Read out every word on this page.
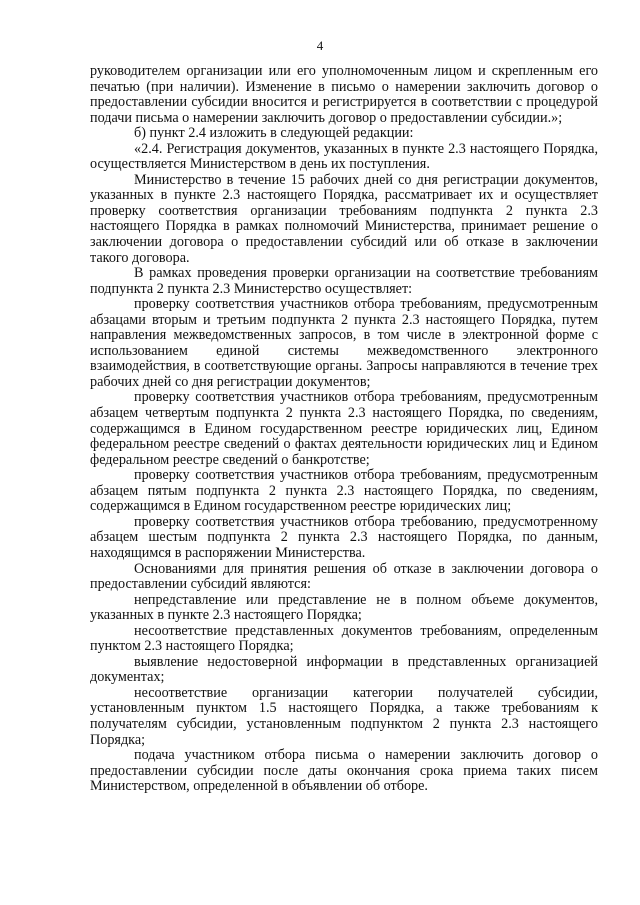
4

руководителем организации или его уполномоченным лицом и скрепленным его печатью (при наличии). Изменение в письмо о намерении заключить договор о предоставлении субсидии вносится и регистрируется в соответствии с процедурой подачи письма о намерении заключить договор о предоставлении субсидии.»;

б) пункт 2.4 изложить в следующей редакции:

«2.4. Регистрация документов, указанных в пункте 2.3 настоящего Порядка, осуществляется Министерством в день их поступления.

Министерство в течение 15 рабочих дней со дня регистрации документов, указанных в пункте 2.3 настоящего Порядка, рассматривает их и осуществляет проверку соответствия организации требованиям подпункта 2 пункта 2.3 настоящего Порядка в рамках полномочий Министерства, принимает решение о заключении договора о предоставлении субсидий или об отказе в заключении такого договора.

В рамках проведения проверки организации на соответствие требованиям подпункта 2 пункта 2.3 Министерство осуществляет:

проверку соответствия участников отбора требованиям, предусмотренным абзацами вторым и третьим подпункта 2 пункта 2.3 настоящего Порядка, путем направления межведомственных запросов, в том числе в электронной форме с использованием единой системы межведомственного электронного взаимодействия, в соответствующие органы. Запросы направляются в течение трех рабочих дней со дня регистрации документов;

проверку соответствия участников отбора требованиям, предусмотренным абзацем четвертым подпункта 2 пункта 2.3 настоящего Порядка, по сведениям, содержащимся в Едином государственном реестре юридических лиц, Едином федеральном реестре сведений о фактах деятельности юридических лиц и Едином федеральном реестре сведений о банкротстве;

проверку соответствия участников отбора требованиям, предусмотренным абзацем пятым подпункта 2 пункта 2.3 настоящего Порядка, по сведениям, содержащимся в Едином государственном реестре юридических лиц;

проверку соответствия участников отбора требованию, предусмотренному абзацем шестым подпункта 2 пункта 2.3 настоящего Порядка, по данным, находящимся в распоряжении Министерства.

Основаниями для принятия решения об отказе в заключении договора о предоставлении субсидий являются:

непредставление или представление не в полном объеме документов, указанных в пункте 2.3 настоящего Порядка;

несоответствие представленных документов требованиям, определенным пунктом 2.3 настоящего Порядка;

выявление недостоверной информации в представленных организацией документах;

несоответствие организации категории получателей субсидии, установленным пунктом 1.5 настоящего Порядка, а также требованиям к получателям субсидии, установленным подпунктом 2 пункта 2.3 настоящего Порядка;

подача участником отбора письма о намерении заключить договор о предоставлении субсидии после даты окончания срока приема таких писем Министерством, определенной в объявлении об отборе.
